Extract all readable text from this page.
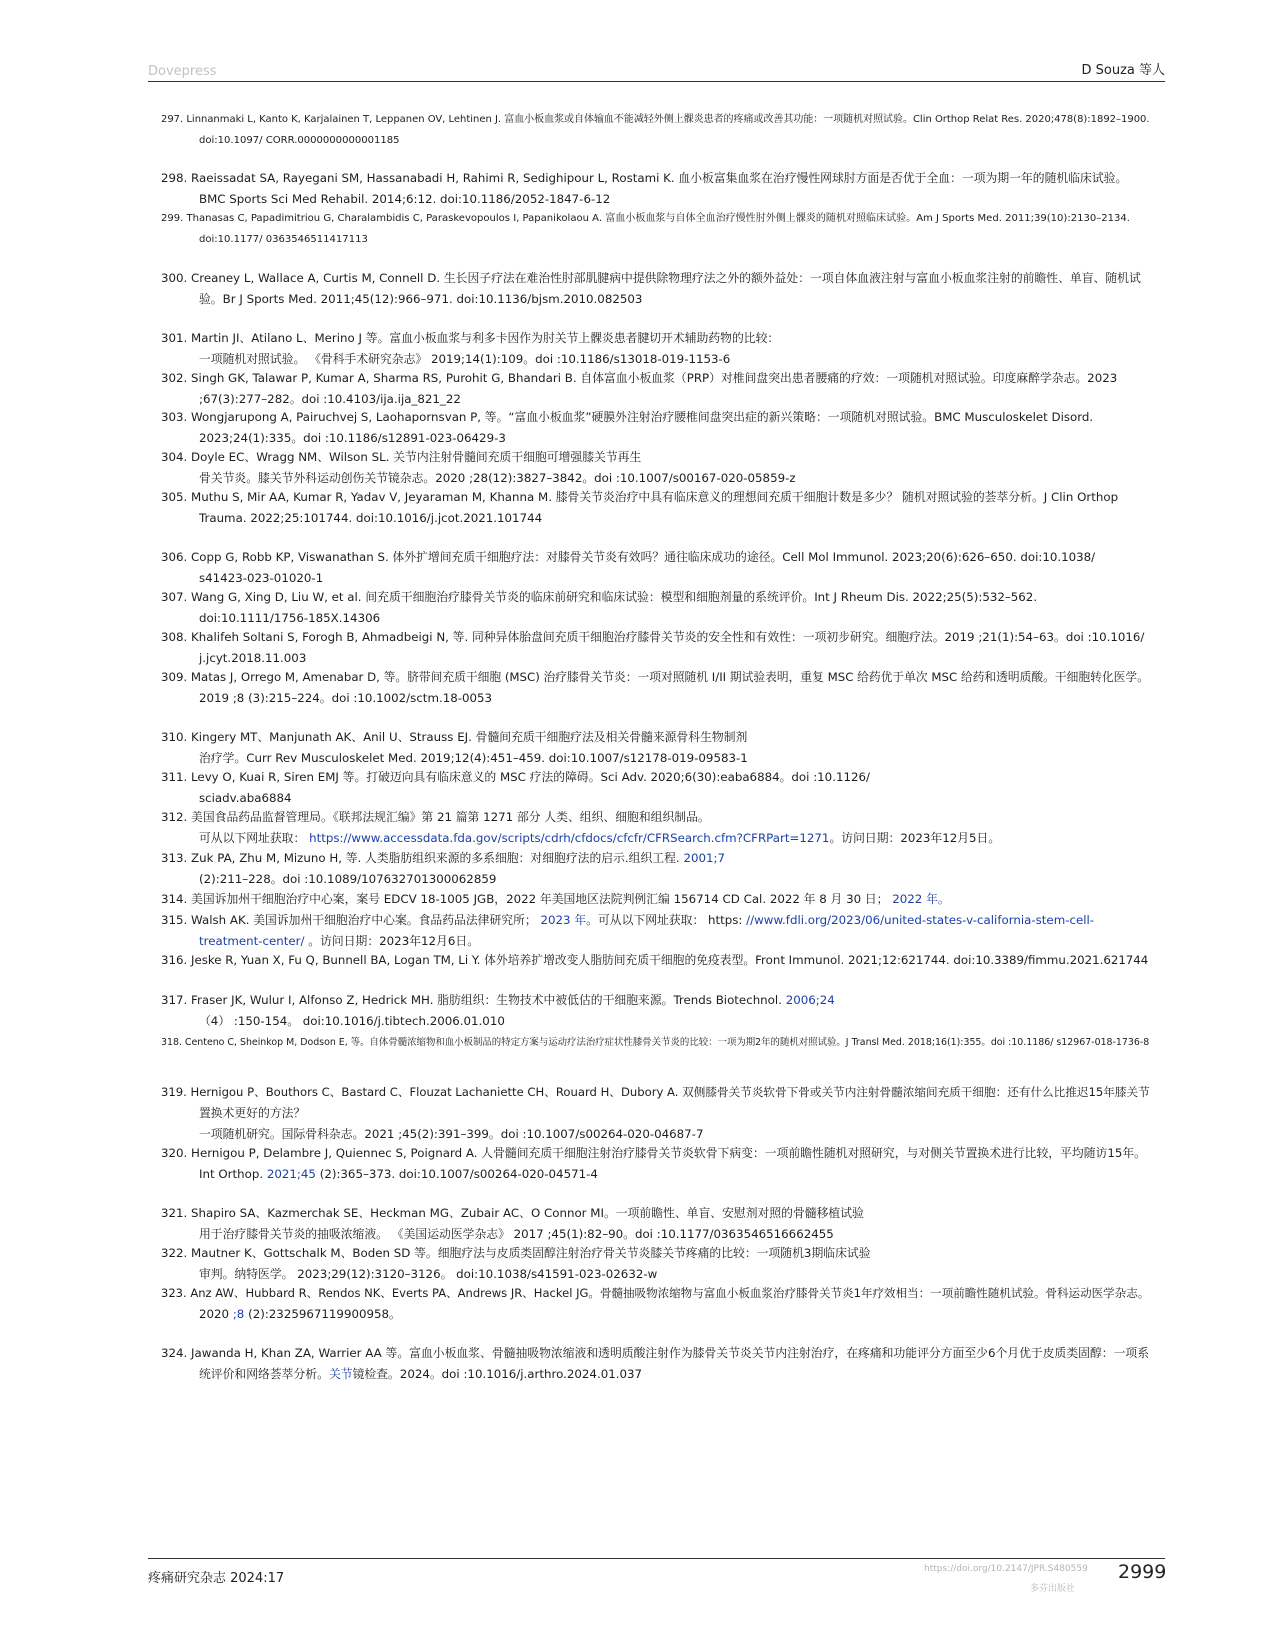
Dovepress	D Souza 等人
297. Linnanmaki L, Kanto K, Karjalainen T, Leppanen OV, Lehtinen J. 富血小板血浆或自体输血不能减轻外侧上髁炎患者的疼痛或改善其功能：一项随机对照试验。Clin Orthop Relat Res. 2020;478(8):1892–1900.
doi:10.1097/ CORR.0000000000001185
298. Raeissadat SA, Rayegani SM, Hassanabadi H, Rahimi R, Sedighipour L, Rostami K. 血小板富集血浆在治疗慢性网球肘方面是否优于全血：一项为期一年的随机临床试验。
BMC Sports Sci Med Rehabil. 2014;6:12. doi:10.1186/2052-1847-6-12
299. Thanasas C, Papadimitriou G, Charalambidis C, Paraskevopoulos I, Papanikolaou A. 富血小板血浆与自体全血治疗慢性肘外侧上髁炎的随机对照临床试验。Am J Sports Med. 2011;39(10):2130–2134.
doi:10.1177/ 0363546511417113
300. Creaney L, Wallace A, Curtis M, Connell D. 生长因子疗法在难治性肘部肌腱病中提供除物理疗法之外的额外益处：一项自体血液注射与富血小板血浆注射的前瞻性、单盲、随机试
验。Br J Sports Med. 2011;45(12):966–971. doi:10.1136/bjsm.2010.082503
301. Martin JI、Atilano L、Merino J 等。富血小板血浆与利多卡因作为肘关节上髁炎患者腱切开术辅助药物的比较：
一项随机对照试验。 《骨科手术研究杂志》 2019;14(1):109。doi :10.1186/s13018-019-1153-6
302. Singh GK, Talawar P, Kumar A, Sharma RS, Purohit G, Bhandari B. 自体富血小板血浆（PRP）对椎间盘突出患者腰痛的疗效：一项随机对照试验。印度麻醉学杂志。2023
;67(3):277–282。doi :10.4103/ija.ija_821_22
303. Wongjarupong A, Pairuchvej S, Laohapornsvan P, 等。“富血小板血浆”硬膜外注射治疗腰椎间盘突出症的新兴策略：一项随机对照试验。BMC Musculoskelet Disord.
2023;24(1):335。doi :10.1186/s12891-023-06429-3
304. Doyle EC、Wragg NM、Wilson SL. 关节内注射骨髓间充质干细胞可增强膝关节再生
骨关节炎。膝关节外科运动创伤关节镜杂志。2020 ;28(12):3827–3842。doi :10.1007/s00167-020-05859-z
305. Muthu S, Mir AA, Kumar R, Yadav V, Jeyaraman M, Khanna M. 膝骨关节炎治疗中具有临床意义的理想间充质干细胞计数是多少？ 随机对照试验的荟萃分析。J Clin Orthop
Trauma. 2022;25:101744. doi:10.1016/j.jcot.2021.101744
306. Copp G, Robb KP, Viswanathan S. 体外扩增间充质干细胞疗法：对膝骨关节炎有效吗？通往临床成功的途径。Cell Mol Immunol. 2023;20(6):626–650. doi:10.1038/
s41423-023-01020-1
307. Wang G, Xing D, Liu W, et al. 间充质干细胞治疗膝骨关节炎的临床前研究和临床试验：模型和细胞剂量的系统评价。Int J Rheum Dis. 2022;25(5):532–562.
doi:10.1111/1756-185X.14306
308. Khalifeh Soltani S, Forogh B, Ahmadbeigi N, 等. 同种异体胎盘间充质干细胞治疗膝骨关节炎的安全性和有效性：一项初步研究。细胞疗法。2019 ;21(1):54–63。doi :10.1016/
j.jcyt.2018.11.003
309. Matas J, Orrego M, Amenabar D, 等。脐带间充质干细胞 (MSC) 治疗膝骨关节炎：一项对照随机 I/II 期试验表明，重复 MSC 给药优于单次 MSC 给药和透明质酸。干细胞转化医学。
2019 ;8 (3):215–224。doi :10.1002/sctm.18-0053
310. Kingery MT、Manjunath AK、Anil U、Strauss EJ. 骨髓间充质干细胞疗法及相关骨髓来源骨科生物制剂
治疗学。Curr Rev Musculoskelet Med. 2019;12(4):451–459. doi:10.1007/s12178-019-09583-1
311. Levy O, Kuai R, Siren EMJ 等。打破迈向具有临床意义的 MSC 疗法的障碍。Sci Adv. 2020;6(30):eaba6884。doi :10.1126/
sciadv.aba6884
312. 美国食品药品监督管理局。《联邦法规汇编》第 21 篇第 1271 部分 人类、组织、细胞和组织制品。
可从以下网址获取： https://www.accessdata.fda.gov/scripts/cdrh/cfdocs/cfcfr/CFRSearch.cfm?CFRPart=1271。访问日期：2023年12月5日。
313. Zuk PA, Zhu M, Mizuno H, 等. 人类脂肪组织来源的多系细胞：对细胞疗法的启示.组织工程. 2001;7
(2):211–228。doi :10.1089/107632701300062859
314. 美国诉加州干细胞治疗中心案，案号 EDCV 18-1005 JGB，2022 年美国地区法院判例汇编 156714 CD Cal. 2022 年 8 月 30 日； 2022 年。
315. Walsh AK. 美国诉加州干细胞治疗中心案。食品药品法律研究所； 2023 年。可从以下网址获取： https: //www.fdli.org/2023/06/united-states-v-california-stem-cell-
treatment-center/ 。访问日期：2023年12月6日。
316. Jeske R, Yuan X, Fu Q, Bunnell BA, Logan TM, Li Y. 体外培养扩增改变人脂肪间充质干细胞的免疫表型。Front Immunol. 2021;12:621744. doi:10.3389/fimmu.2021.621744
317. Fraser JK, Wulur I, Alfonso Z, Hedrick MH. 脂肪组织：生物技术中被低估的干细胞来源。Trends Biotechnol. 2006;24
（4） :150-154。 doi:10.1016/j.tibtech.2006.01.010
318. Centeno C, Sheinkop M, Dodson E, 等。自体骨髓浓缩物和血小板制品的特定方案与运动疗法治疗症状性膝骨关节炎的比较：一项为期2年的随机对照试验。J Transl Med. 2018;16(1):355。doi :10.1186/ s12967-018-1736-8
319. Hernigou P、Bouthors C、Bastard C、Flouzat Lachaniette CH、Rouard H、Dubory A. 双侧膝骨关节炎软骨下骨或关节内注射骨髓浓缩间充质干细胞：还有什么比推迟15年膝关节
置换术更好的方法？
一项随机研究。国际骨科杂志。2021 ;45(2):391–399。doi :10.1007/s00264-020-04687-7
320. Hernigou P, Delambre J, Quiennec S, Poignard A. 人骨髓间充质干细胞注射治疗膝骨关节炎软骨下病变：一项前瞻性随机对照研究，与对侧关节置换术进行比较，平均随访15年。
Int Orthop. 2021;45 (2):365–373. doi:10.1007/s00264-020-04571-4
321. Shapiro SA、Kazmerchak SE、Heckman MG、Zubair AC、O Connor MI。一项前瞻性、单盲、安慰剂对照的骨髓移植试验
用于治疗膝骨关节炎的抽吸浓缩液。 《美国运动医学杂志》 2017 ;45(1):82–90。doi :10.1177/0363546516662455
322. Mautner K、Gottschalk M、Boden SD 等。细胞疗法与皮质类固醇注射治疗骨关节炎膝关节疼痛的比较：一项随机3期临床试验
审判。纳特医学。 2023;29(12):3120–3126。 doi:10.1038/s41591-023-02632-w
323. Anz AW、Hubbard R、Rendos NK、Everts PA、Andrews JR、Hackel JG。骨髓抽吸物浓缩物与富血小板血浆治疗膝骨关节炎1年疗效相当：一项前瞻性随机试验。骨科运动医学杂志。
2020 ;8 (2):2325967119900958。
324. Jawanda H, Khan ZA, Warrier AA 等。富血小板血浆、骨髓抽吸物浓缩液和透明质酸注射作为膝骨关节炎关节内注射治疗，在疼痛和功能评分方面至少6个月优于皮质类固醇：一项系
统评价和网络荟萃分析。关节镜检查。2024。doi :10.1016/j.arthro.2024.01.037
疼痛研究杂志 2024:17
https://doi.org/10.2147/JPR.S480559
多芬出版社
2999
